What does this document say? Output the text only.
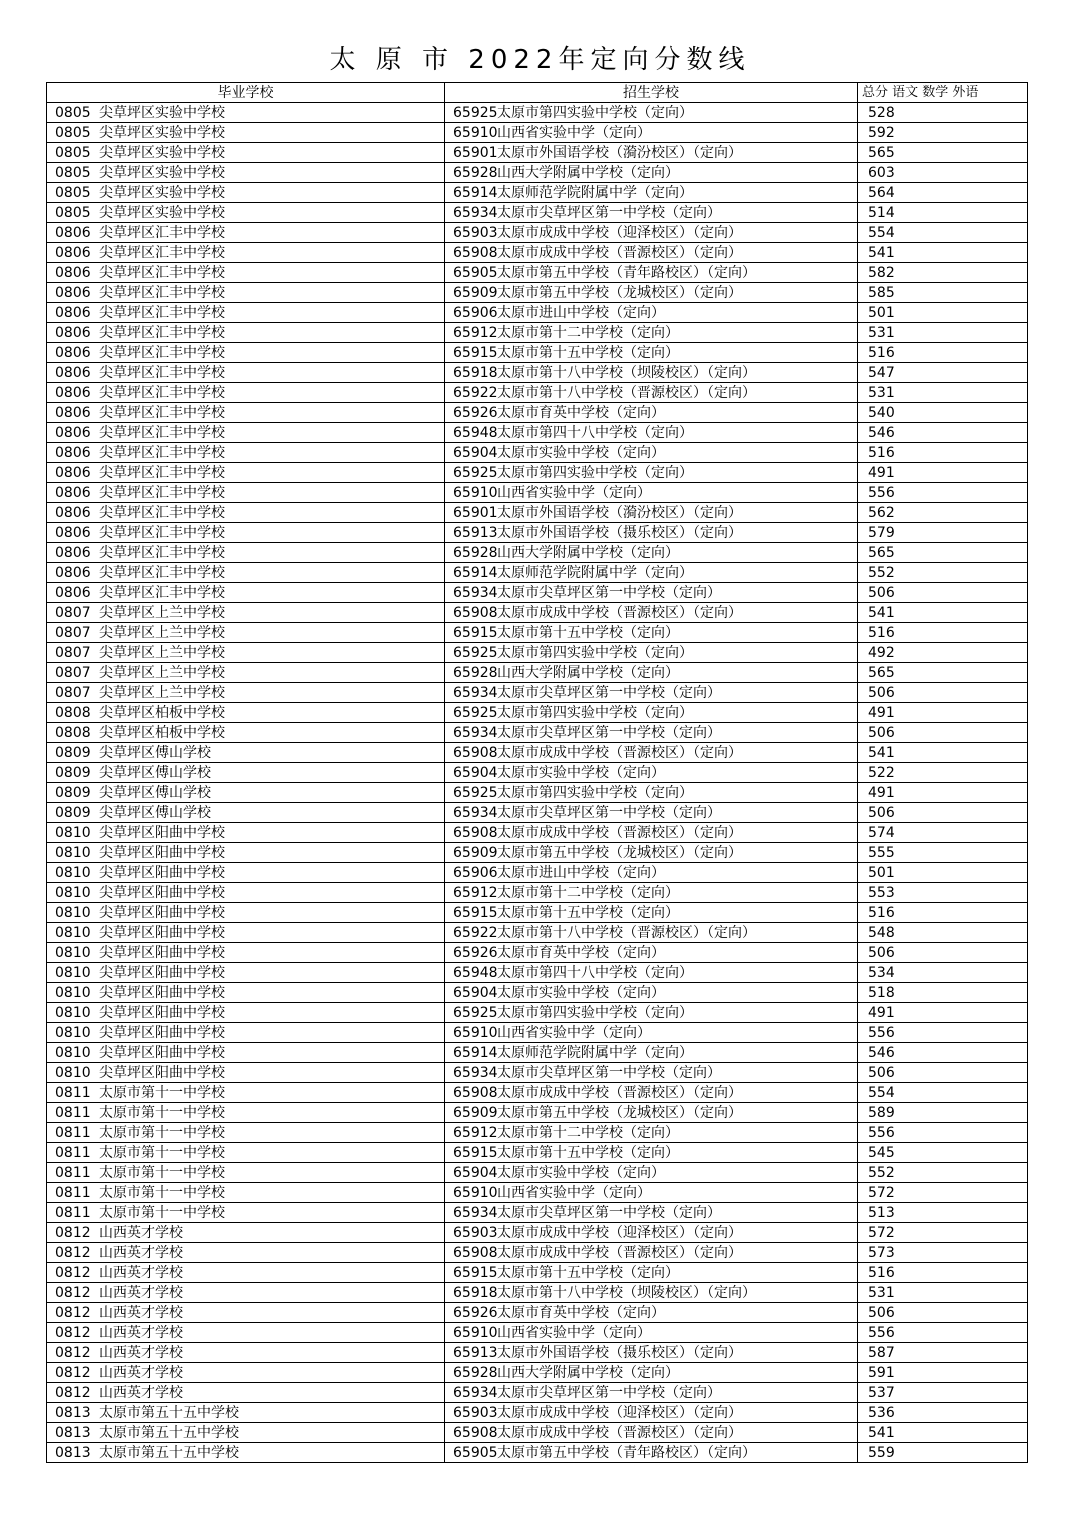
太 原 市 2022年定向分数线
毕业学校	招生学校	总分 语文 数学 外语
0805 尖草坪区实验中学校	65925太原市第四实验中学校（定向）	528
0805 尖草坪区实验中学校	65910山西省实验中学（定向）	592
0805 尖草坪区实验中学校	65901太原市外国语学校（漪汾校区）（定向）	565
0805 尖草坪区实验中学校	65928山西大学附属中学校（定向）	603
0805 尖草坪区实验中学校	65914太原师范学院附属中学（定向）	564
0805 尖草坪区实验中学校	65934太原市尖草坪区第一中学校（定向）	514
0806 尖草坪区汇丰中学校	65903太原市成成中学校（迎泽校区）（定向）	554
0806 尖草坪区汇丰中学校	65908太原市成成中学校（晋源校区）（定向）	541
0806 尖草坪区汇丰中学校	65905太原市第五中学校（青年路校区）（定向）	582
0806 尖草坪区汇丰中学校	65909太原市第五中学校（龙城校区）（定向）	585
0806 尖草坪区汇丰中学校	65906太原市进山中学校（定向）	501
0806 尖草坪区汇丰中学校	65912太原市第十二中学校（定向）	531
0806 尖草坪区汇丰中学校	65915太原市第十五中学校（定向）	516
0806 尖草坪区汇丰中学校	65918太原市第十八中学校（坝陵校区）（定向）	547
0806 尖草坪区汇丰中学校	65922太原市第十八中学校（晋源校区）（定向）	531
0806 尖草坪区汇丰中学校	65926太原市育英中学校（定向）	540
0806 尖草坪区汇丰中学校	65948太原市第四十八中学校（定向）	546
0806 尖草坪区汇丰中学校	65904太原市实验中学校（定向）	516
0806 尖草坪区汇丰中学校	65925太原市第四实验中学校（定向）	491
0806 尖草坪区汇丰中学校	65910山西省实验中学（定向）	556
0806 尖草坪区汇丰中学校	65901太原市外国语学校（漪汾校区）（定向）	562
0806 尖草坪区汇丰中学校	65913太原市外国语学校（摄乐校区）（定向）	579
0806 尖草坪区汇丰中学校	65928山西大学附属中学校（定向）	565
0806 尖草坪区汇丰中学校	65914太原师范学院附属中学（定向）	552
0806 尖草坪区汇丰中学校	65934太原市尖草坪区第一中学校（定向）	506
0807 尖草坪区上兰中学校	65908太原市成成中学校（晋源校区）（定向）	541
0807 尖草坪区上兰中学校	65915太原市第十五中学校（定向）	516
0807 尖草坪区上兰中学校	65925太原市第四实验中学校（定向）	492
0807 尖草坪区上兰中学校	65928山西大学附属中学校（定向）	565
0807 尖草坪区上兰中学校	65934太原市尖草坪区第一中学校（定向）	506
0808 尖草坪区柏板中学校	65925太原市第四实验中学校（定向）	491
0808 尖草坪区柏板中学校	65934太原市尖草坪区第一中学校（定向）	506
0809 尖草坪区傅山学校	65908太原市成成中学校（晋源校区）（定向）	541
0809 尖草坪区傅山学校	65904太原市实验中学校（定向）	522
0809 尖草坪区傅山学校	65925太原市第四实验中学校（定向）	491
0809 尖草坪区傅山学校	65934太原市尖草坪区第一中学校（定向）	506
0810 尖草坪区阳曲中学校	65908太原市成成中学校（晋源校区）（定向）	574
0810 尖草坪区阳曲中学校	65909太原市第五中学校（龙城校区）（定向）	555
0810 尖草坪区阳曲中学校	65906太原市进山中学校（定向）	501
0810 尖草坪区阳曲中学校	65912太原市第十二中学校（定向）	553
0810 尖草坪区阳曲中学校	65915太原市第十五中学校（定向）	516
0810 尖草坪区阳曲中学校	65922太原市第十八中学校（晋源校区）（定向）	548
0810 尖草坪区阳曲中学校	65926太原市育英中学校（定向）	506
0810 尖草坪区阳曲中学校	65948太原市第四十八中学校（定向）	534
0810 尖草坪区阳曲中学校	65904太原市实验中学校（定向）	518
0810 尖草坪区阳曲中学校	65925太原市第四实验中学校（定向）	491
0810 尖草坪区阳曲中学校	65910山西省实验中学（定向）	556
0810 尖草坪区阳曲中学校	65914太原师范学院附属中学（定向）	546
0810 尖草坪区阳曲中学校	65934太原市尖草坪区第一中学校（定向）	506
0811 太原市第十一中学校	65908太原市成成中学校（晋源校区）（定向）	554
0811 太原市第十一中学校	65909太原市第五中学校（龙城校区）（定向）	589
0811 太原市第十一中学校	65912太原市第十二中学校（定向）	556
0811 太原市第十一中学校	65915太原市第十五中学校（定向）	545
0811 太原市第十一中学校	65904太原市实验中学校（定向）	552
0811 太原市第十一中学校	65910山西省实验中学（定向）	572
0811 太原市第十一中学校	65934太原市尖草坪区第一中学校（定向）	513
0812 山西英才学校	65903太原市成成中学校（迎泽校区）（定向）	572
0812 山西英才学校	65908太原市成成中学校（晋源校区）（定向）	573
0812 山西英才学校	65915太原市第十五中学校（定向）	516
0812 山西英才学校	65918太原市第十八中学校（坝陵校区）（定向）	531
0812 山西英才学校	65926太原市育英中学校（定向）	506
0812 山西英才学校	65910山西省实验中学（定向）	556
0812 山西英才学校	65913太原市外国语学校（摄乐校区）（定向）	587
0812 山西英才学校	65928山西大学附属中学校（定向）	591
0812 山西英才学校	65934太原市尖草坪区第一中学校（定向）	537
0813 太原市第五十五中学校	65903太原市成成中学校（迎泽校区）（定向）	536
0813 太原市第五十五中学校	65908太原市成成中学校（晋源校区）（定向）	541
0813 太原市第五十五中学校	65905太原市第五中学校（青年路校区）（定向）	559
